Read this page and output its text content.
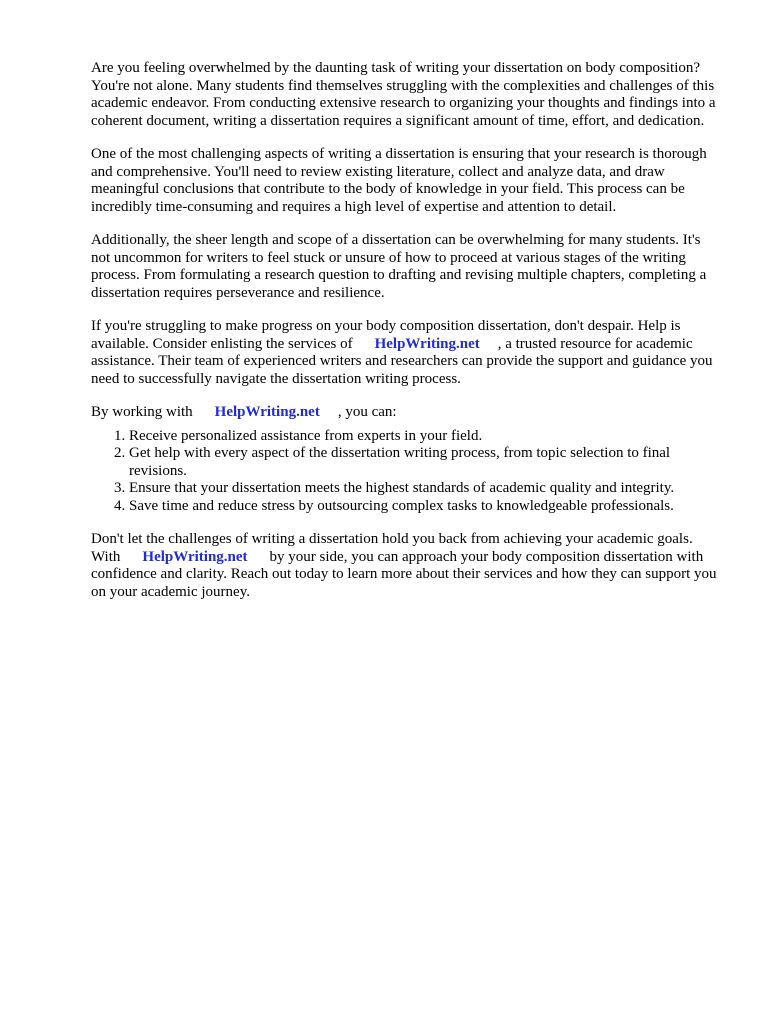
Are you feeling overwhelmed by the daunting task of writing your dissertation on body composition? You're not alone. Many students find themselves struggling with the complexities and challenges of this academic endeavor. From conducting extensive research to organizing your thoughts and findings into a coherent document, writing a dissertation requires a significant amount of time, effort, and dedication.

One of the most challenging aspects of writing a dissertation is ensuring that your research is thorough and comprehensive. You'll need to review existing literature, collect and analyze data, and draw meaningful conclusions that contribute to the body of knowledge in your field. This process can be incredibly time-consuming and requires a high level of expertise and attention to detail.

Additionally, the sheer length and scope of a dissertation can be overwhelming for many students. It's not uncommon for writers to feel stuck or unsure of how to proceed at various stages of the writing process. From formulating a research question to drafting and revising multiple chapters, completing a dissertation requires perseverance and resilience.

If you're struggling to make progress on your body composition dissertation, don't despair. Help is available. Consider enlisting the services of HelpWriting.net , a trusted resource for academic assistance. Their team of experienced writers and researchers can provide the support and guidance you need to successfully navigate the dissertation writing process.

By working with HelpWriting.net , you can:

1. Receive personalized assistance from experts in your field.
2. Get help with every aspect of the dissertation writing process, from topic selection to final revisions.
3. Ensure that your dissertation meets the highest standards of academic quality and integrity.
4. Save time and reduce stress by outsourcing complex tasks to knowledgeable professionals.

Don't let the challenges of writing a dissertation hold you back from achieving your academic goals. With HelpWriting.net by your side, you can approach your body composition dissertation with confidence and clarity. Reach out today to learn more about their services and how they can support you on your academic journey.
